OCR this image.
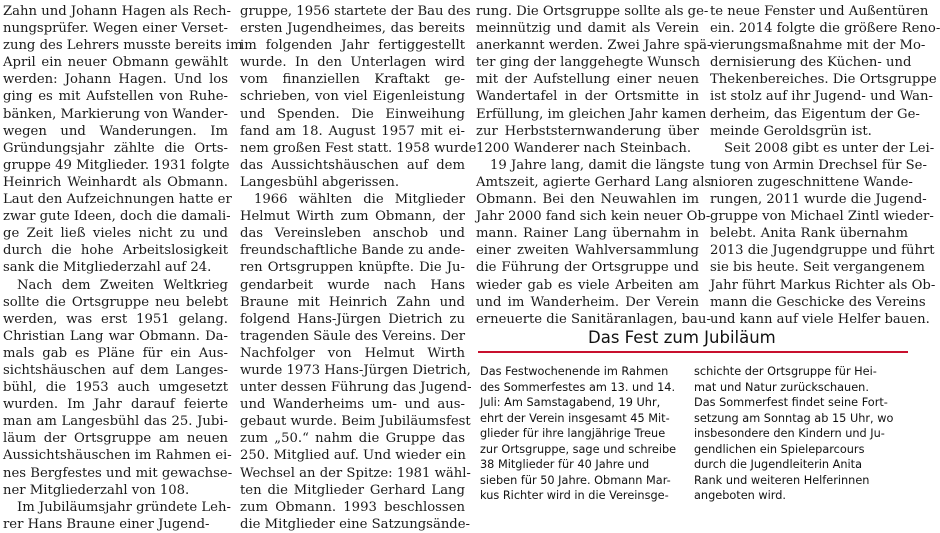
Zahn und Johann Hagen als Rech-
nungsprüfer. Wegen einer Verset-
zung des Lehrers musste bereits im
April ein neuer Obmann gewählt
werden: Johann Hagen. Und los
ging es mit Aufstellen von Ruhe-
bänken, Markierung von Wander-
wegen und Wanderungen. Im
Gründungsjahr zählte die Orts-
gruppe 49 Mitglieder. 1931 folgte
Heinrich Weinhardt als Obmann.
Laut den Aufzeichnungen hatte er
zwar gute Ideen, doch die damali-
ge Zeit ließ vieles nicht zu und
durch die hohe Arbeitslosigkeit
sank die Mitgliederzahl auf 24.

Nach dem Zweiten Weltkrieg
sollte die Ortsgruppe neu belebt
werden, was erst 1951 gelang.
Christian Lang war Obmann. Da-
mals gab es Pläne für ein Aus-
sichtshäuschen auf dem Langes-
bühl, die 1953 auch umgesetzt
wurden. Im Jahr darauf feierte
man am Langesbühl das 25. Jubi-
läum der Ortsgruppe am neuen
Aussichtshäuschen im Rahmen ei-
nes Bergfestes und mit gewachse-
ner Mitgliederzahl von 108.

Im Jubiläumsjahr gründete Leh-
rer Hans Braune einer Jugend-

gruppe, 1956 startete der Bau des
ersten Jugendheimes, das bereits
im folgenden Jahr fertiggestellt
wurde. In den Unterlagen wird
vom finanziellen Kraftakt ge-
schrieben, von viel Eigenleistung
und Spenden. Die Einweihung
fand am 18. August 1957 mit ei-
nem großen Fest statt. 1958 wurde
das Aussichtshäuschen auf dem
Langesbühl abgerissen.

1966 wählten die Mitglieder
Helmut Wirth zum Obmann, der
das Vereinsleben anschob und
freundschaftliche Bande zu ande-
ren Ortsgruppen knüpfte. Die Ju-
gendarbeit wurde nach Hans
Braune mit Heinrich Zahn und
folgend Hans-Jürgen Dietrich zu
tragenden Säule des Vereins. Der
Nachfolger von Helmut Wirth
wurde 1973 Hans-Jürgen Dietrich,
unter dessen Führung das Jugend-
und Wanderheims um- und aus-
gebaut wurde. Beim Jubiläumsfest
zum „50.“ nahm die Gruppe das
250. Mitglied auf. Und wieder ein
Wechsel an der Spitze: 1981 wähl-
ten die Mitglieder Gerhard Lang
zum Obmann. 1993 beschlossen
die Mitglieder eine Satzungsände-

rung. Die Ortsgruppe sollte als ge-
meinnützig und damit als Verein
anerkannt werden. Zwei Jahre spä-
ter ging der langgehegte Wunsch
mit der Aufstellung einer neuen
Wandertafel in der Ortsmitte in
Erfüllung, im gleichen Jahr kamen
zur Herbststernwanderung über
1200 Wanderer nach Steinbach.

19 Jahre lang, damit die längste
Amtszeit, agierte Gerhard Lang als
Obmann. Bei den Neuwahlen im
Jahr 2000 fand sich kein neuer Ob-
mann. Rainer Lang übernahm in
einer zweiten Wahlversammlung
die Führung der Ortsgruppe und
wieder gab es viele Arbeiten am
und im Wanderheim. Der Verein
erneuerte die Sanitäranlagen, bau-

te neue Fenster und Außentüren
ein. 2014 folgte die größere Reno-
vierungsmaßnahme mit der Mo-
dernisierung des Küchen- und
Thekenbereiches. Die Ortsgruppe
ist stolz auf ihr Jugend- und Wan-
derheim, das Eigentum der Ge-
meinde Geroldsgrün ist.

Seit 2008 gibt es unter der Lei-
tung von Armin Drechsel für Se-
nioren zugeschnittene Wande-
rungen, 2011 wurde die Jugend-
gruppe von Michael Zintl wieder-
belebt. Anita Rank übernahm
2013 die Jugendgruppe und führt
sie bis heute. Seit vergangenem
Jahr führt Markus Richter als Ob-
mann die Geschicke des Vereins
und kann auf viele Helfer bauen.

Das Fest zum Jubiläum
Das Festwochenende im Rahmen
des Sommerfestes am 13. und 14.
Juli: Am Samstagabend, 19 Uhr,
ehrt der Verein insgesamt 45 Mit-
glieder für ihre langjährige Treue
zur Ortsgruppe, sage und schreibe
38 Mitglieder für 40 Jahre und
sieben für 50 Jahre. Obmann Mar-
kus Richter wird in die Vereinsge-
schichte der Ortsgruppe für Hei-
mat und Natur zurückschauen.
Das Sommerfest findet seine Fort-
setzung am Sonntag ab 15 Uhr, wo
insbesondere den Kindern und Ju-
gendlichen ein Spieleparcours
durch die Jugendleiterin Anita
Rank und weiteren Helferinnen
angeboten wird.
